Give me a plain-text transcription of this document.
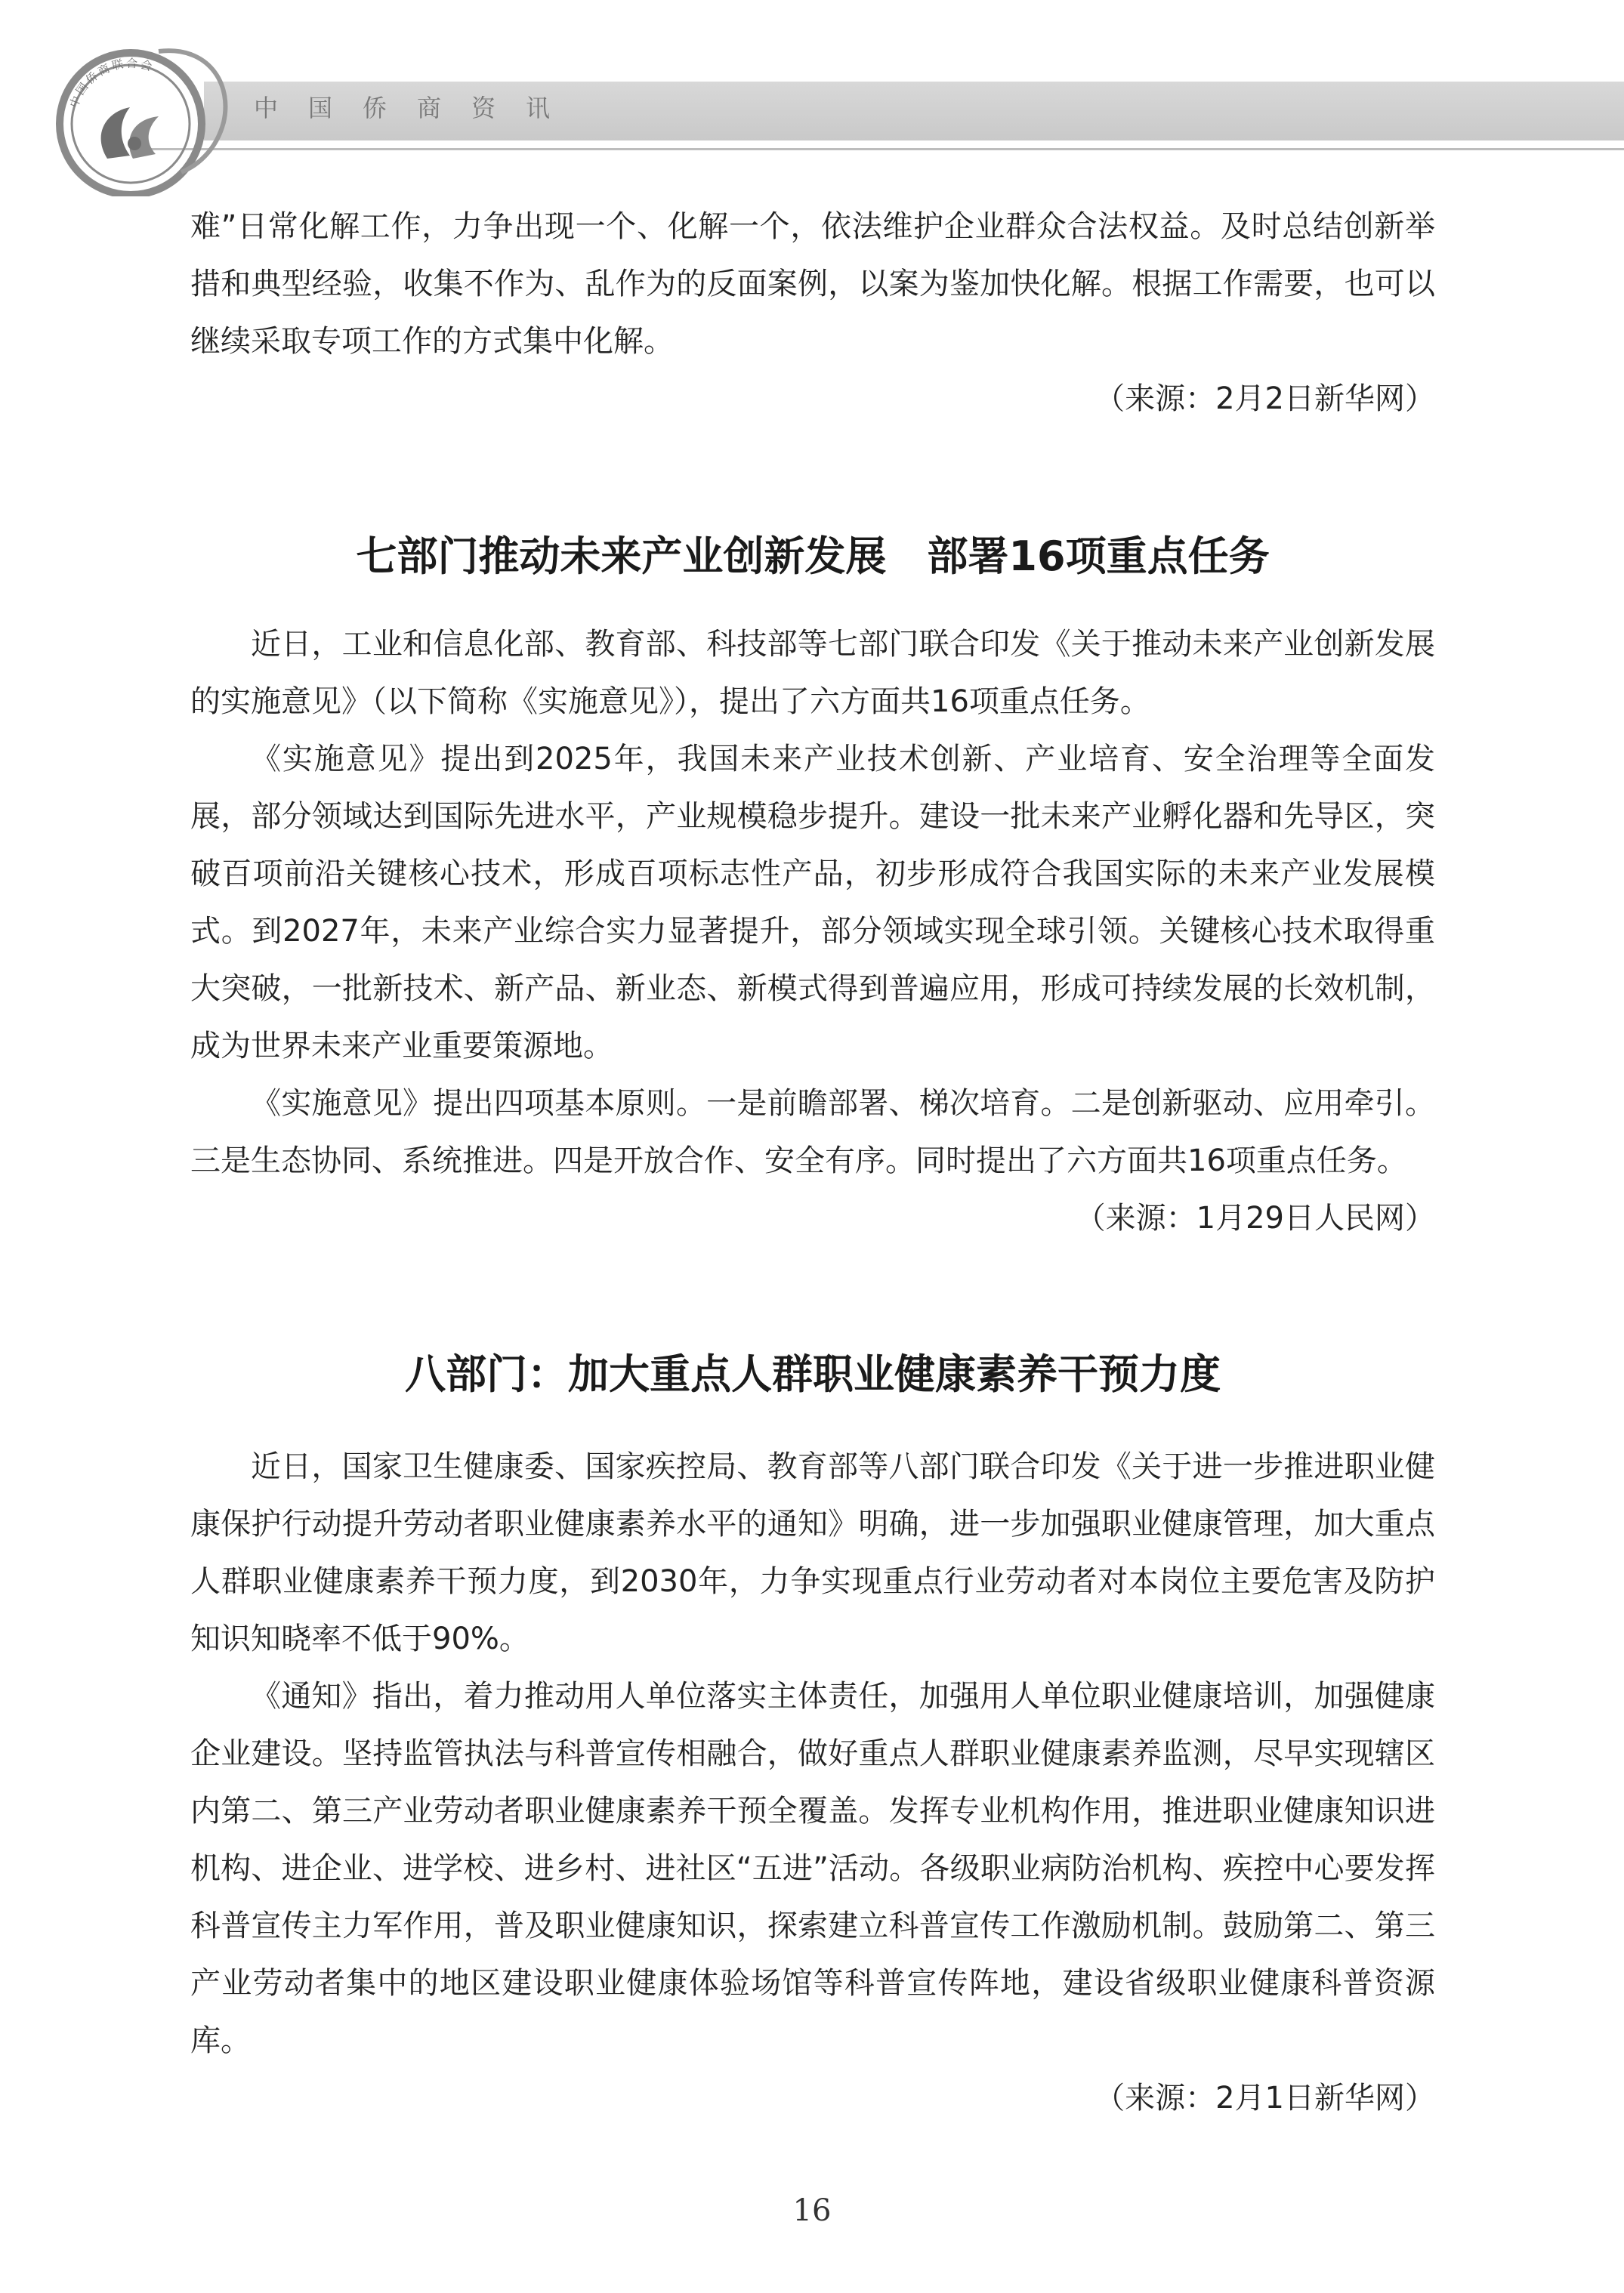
中国侨商资讯
中国侨商联合会

难”日常化解工作，力争出现一个、化解一个，依法维护企业群众合法权益。及时总结创新举措和典型经验，收集不作为、乱作为的反面案例，以案为鉴加快化解。根据工作需要，也可以继续采取专项工作的方式集中化解。

（来源：2月2日新华网）
七部门推动未来产业创新发展　部署16项重点任务

近日，工业和信息化部、教育部、科技部等七部门联合印发《关于推动未来产业创新发展的实施意见》（以下简称《实施意见》），提出了六方面共16项重点任务。

《实施意见》提出到2025年，我国未来产业技术创新、产业培育、安全治理等全面发展，部分领域达到国际先进水平，产业规模稳步提升。建设一批未来产业孵化器和先导区，突破百项前沿关键核心技术，形成百项标志性产品，初步形成符合我国实际的未来产业发展模式。到2027年，未来产业综合实力显著提升，部分领域实现全球引领。关键核心技术取得重大突破，一批新技术、新产品、新业态、新模式得到普遍应用，形成可持续发展的长效机制，成为世界未来产业重要策源地。

《实施意见》提出四项基本原则。一是前瞻部署、梯次培育。二是创新驱动、应用牵引。三是生态协同、系统推进。四是开放合作、安全有序。同时提出了六方面共16项重点任务。

（来源：1月29日人民网）
八部门：加大重点人群职业健康素养干预力度

近日，国家卫生健康委、国家疾控局、教育部等八部门联合印发《关于进一步推进职业健康保护行动提升劳动者职业健康素养水平的通知》明确，进一步加强职业健康管理，加大重点人群职业健康素养干预力度，到2030年，力争实现重点行业劳动者对本岗位主要危害及防护知识知晓率不低于90%。

《通知》指出，着力推动用人单位落实主体责任，加强用人单位职业健康培训，加强健康企业建设。坚持监管执法与科普宣传相融合，做好重点人群职业健康素养监测，尽早实现辖区内第二、第三产业劳动者职业健康素养干预全覆盖。发挥专业机构作用，推进职业健康知识进机构、进企业、进学校、进乡村、进社区“五进”活动。各级职业病防治机构、疾控中心要发挥科普宣传主力军作用，普及职业健康知识，探索建立科普宣传工作激励机制。鼓励第二、第三产业劳动者集中的地区建设职业健康体验场馆等科普宣传阵地，建设省级职业健康科普资源库。

（来源：2月1日新华网）
16
